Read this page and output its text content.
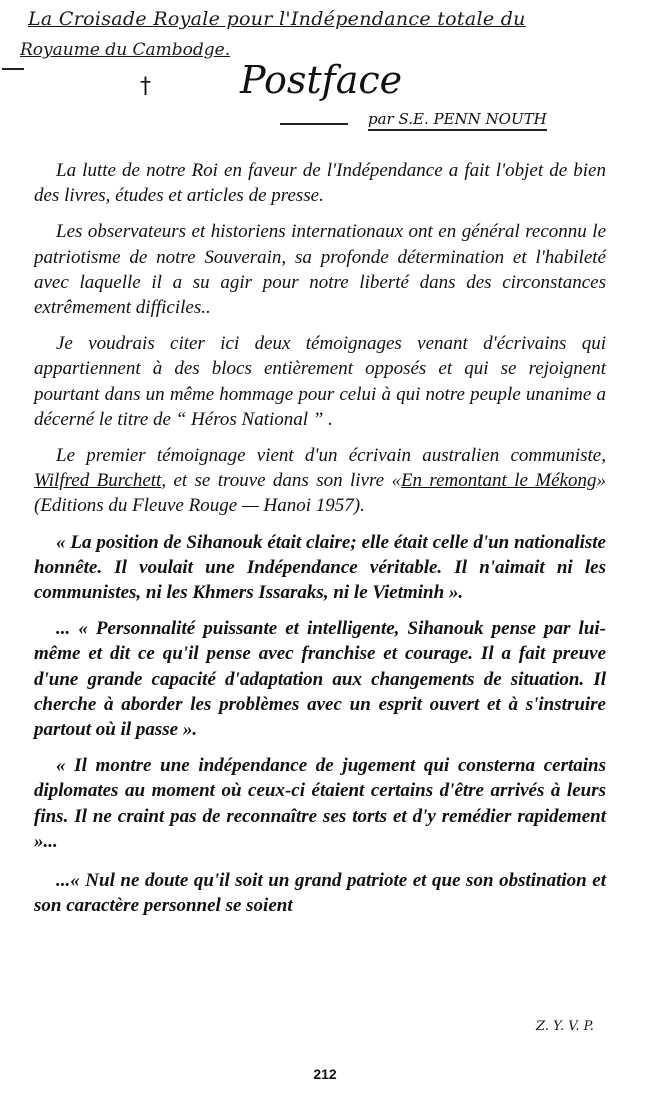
La Croisade Royale pour l'Indépendance totale du
Royaume du Cambodge.
† Postface
par S.E. PENN NOUTH

La lutte de notre Roi en faveur de l'Indépendance a fait l'objet de bien des livres, études et articles de presse.

Les observateurs et historiens internationaux ont en général reconnu le patriotisme de notre Souverain, sa profonde détermination et l'habileté avec laquelle il a su agir pour notre liberté dans des circonstances extrêmement difficiles..

Je voudrais citer ici deux témoignages venant d'écrivains qui appartiennent à des blocs entièrement opposés et qui se rejoignent pourtant dans un même hommage pour celui à qui notre peuple unanime a décerné le titre de “ Héros National ” .

Le premier témoignage vient d'un écrivain australien communiste, Wilfred Burchett, et se trouve dans son livre «En remontant le Mékong» (Editions du Fleuve Rouge — Hanoi 1957).

« La position de Sihanouk était claire; elle était celle d'un nationaliste honnête. Il voulait une Indépendance véritable. Il n'aimait ni les communistes, ni les Khmers Issaraks, ni le Vietminh ».

... « Personnalité puissante et intelligente, Sihanouk pense par lui-même et dit ce qu'il pense avec franchise et courage. Il a fait preuve d'une grande capacité d'adaptation aux changements de situation. Il cherche à aborder les problèmes avec un esprit ouvert et à s'instruire partout où il passe ».

« Il montre une indépendance de jugement qui consterna certains diplomates au moment où ceux-ci étaient certains d'être arrivés à leurs fins. Il ne craint pas de reconnaître ses torts et d'y remédier rapidement »...

...« Nul ne doute qu'il soit un grand patriote et que son obstination et son caractère personnel se soient

Z. Y. V. P.
212
